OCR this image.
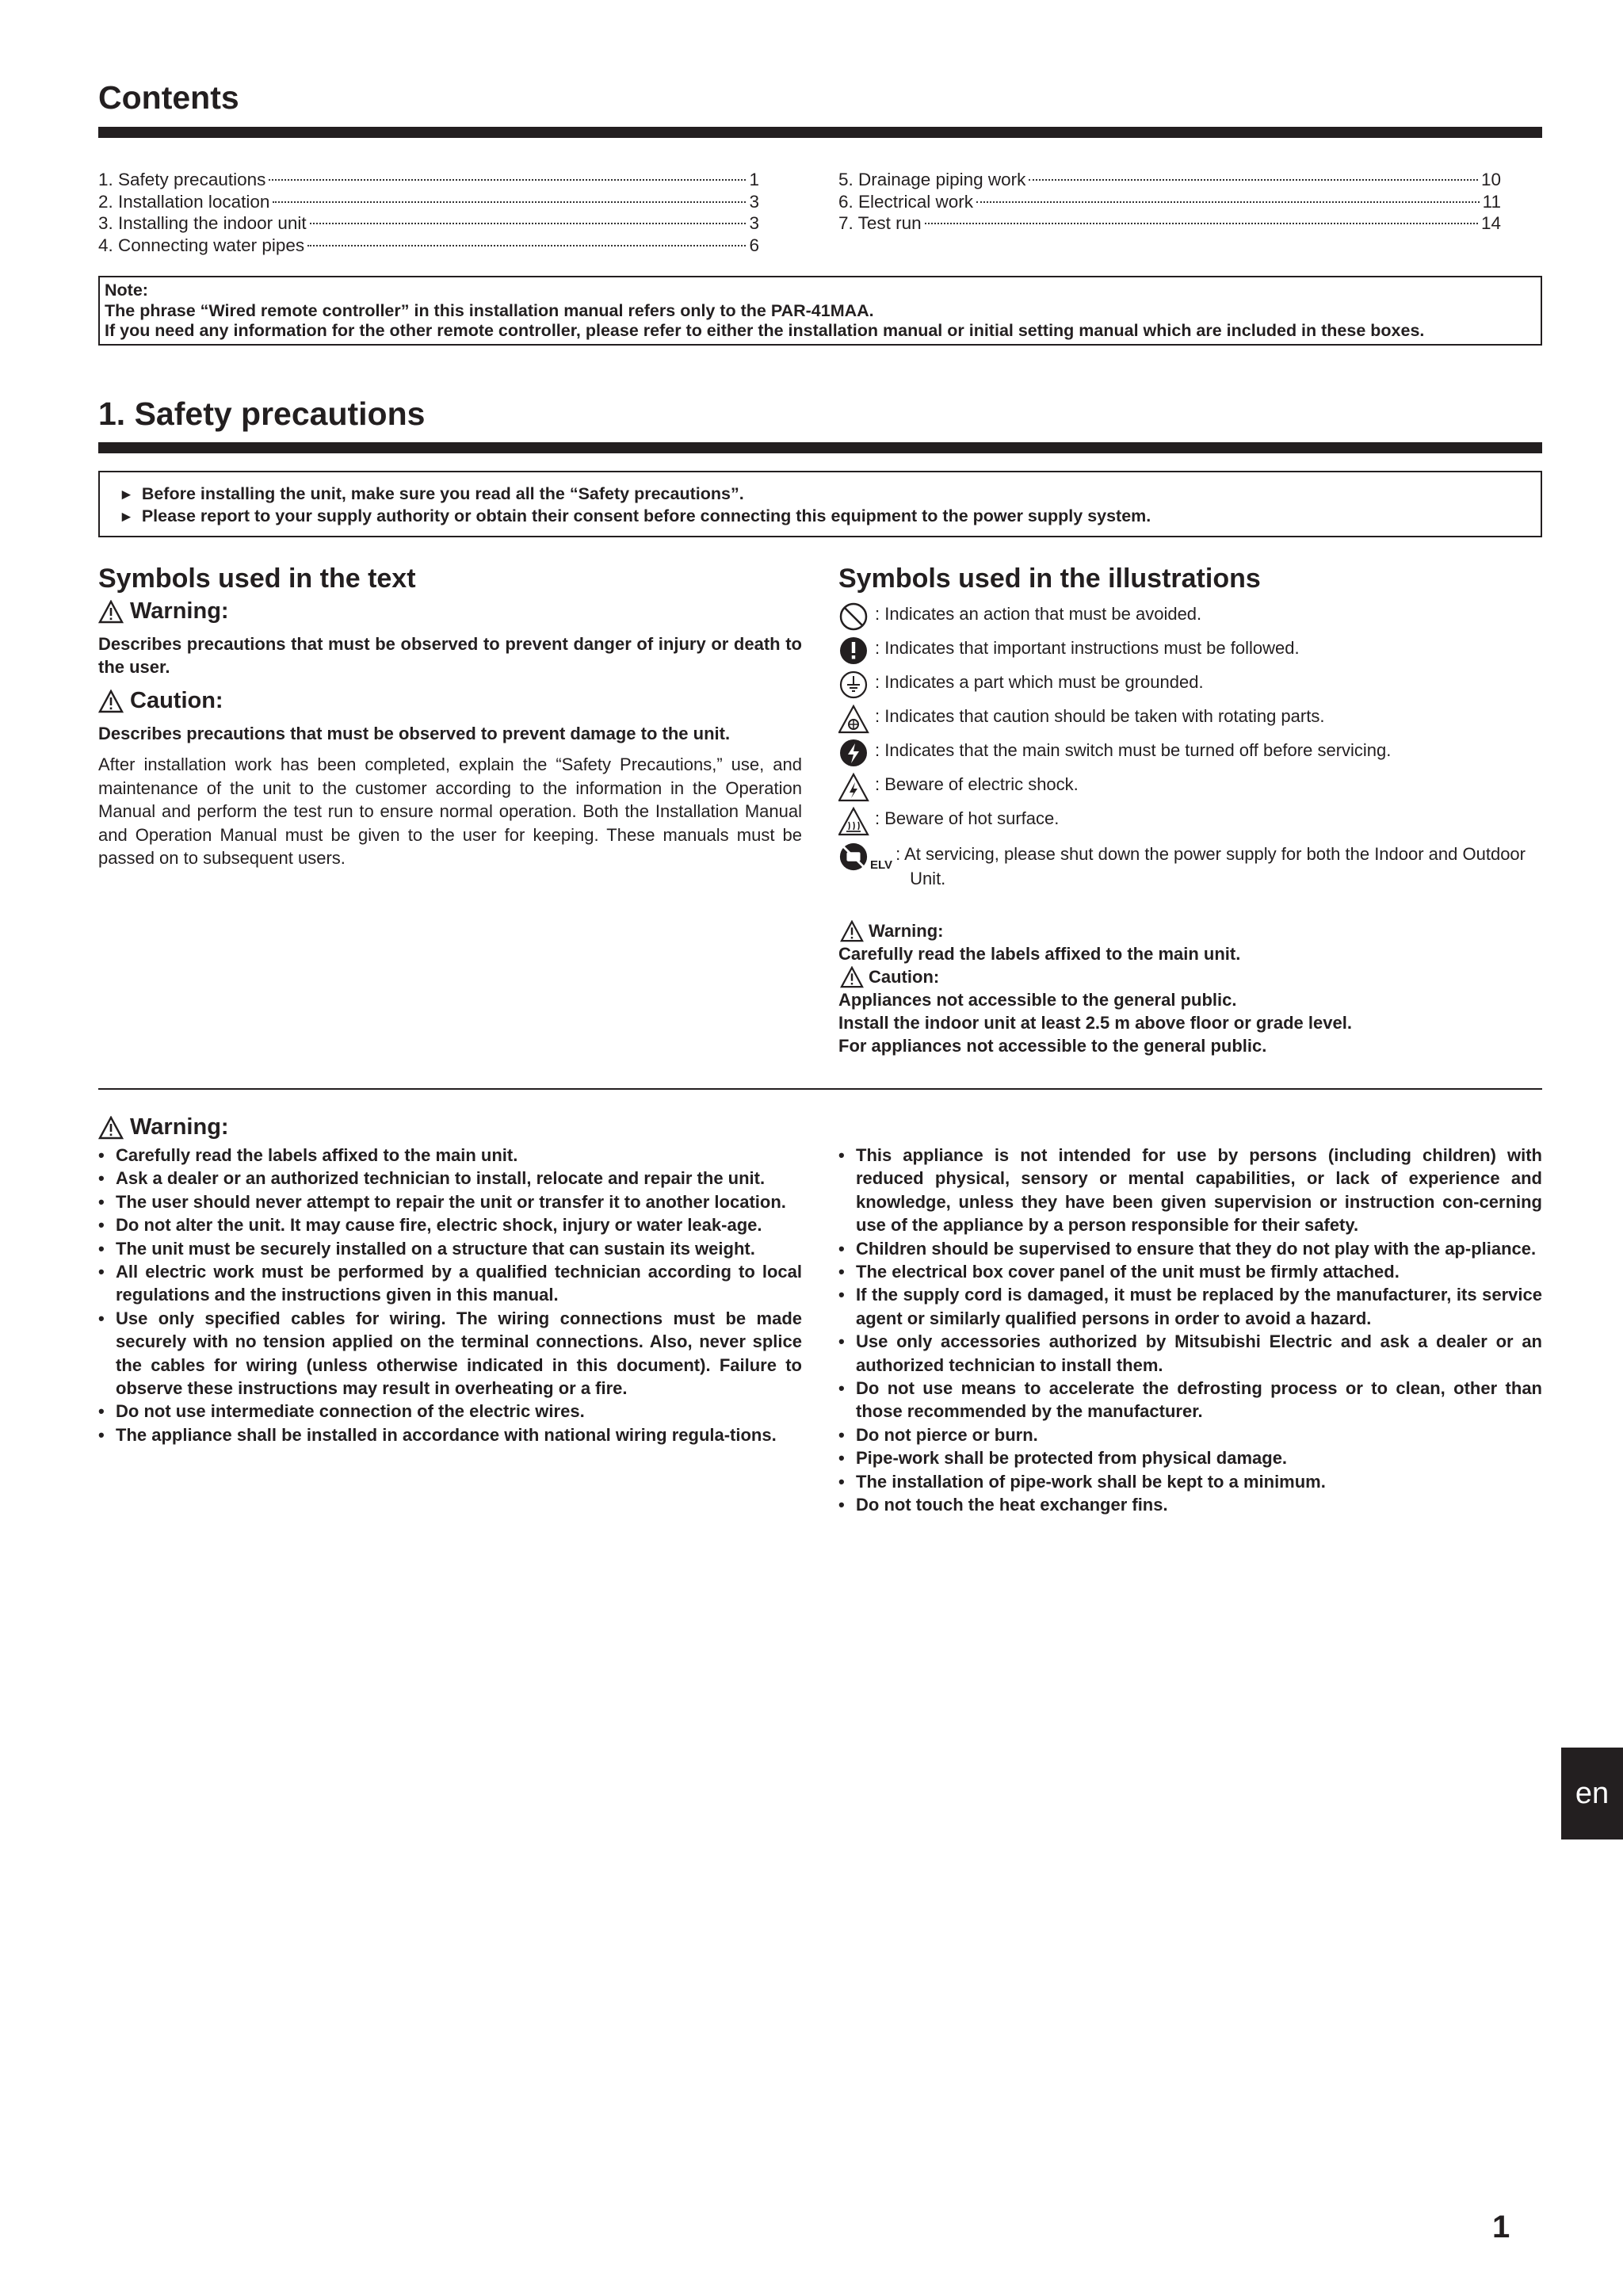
Contents
1. Safety precautions	1
2. Installation location	3
3. Installing the indoor unit	3
4. Connecting water pipes	6
5. Drainage piping work	10
6. Electrical work	11
7. Test run	14
Note:
The phrase “Wired remote controller” in this installation manual refers only to the PAR-41MAA.
If you need any information for the other remote controller, please refer to either the installation manual or initial setting manual which are included in these boxes.
1. Safety precautions
► Before installing the unit, make sure you read all the “Safety precautions”.
► Please report to your supply authority or obtain their consent before connecting this equipment to the power supply system.
Symbols used in the text
Warning:

Describes precautions that must be observed to prevent danger of injury or death to the user.

Caution:

Describes precautions that must be observed to prevent damage to the unit.

After installation work has been completed, explain the “Safety Precautions,” use, and maintenance of the unit to the customer according to the information in the Operation Manual and perform the test run to ensure normal operation. Both the Installation Manual and Operation Manual must be given to the user for keeping. These manuals must be passed on to subsequent users.

Symbols used in the illustrations
: Indicates an action that must be avoided.
: Indicates that important instructions must be followed.
: Indicates a part which must be grounded.
: Indicates that caution should be taken with rotating parts.
: Indicates that the main switch must be turned off before servicing.
: Beware of electric shock.
: Beware of hot surface.
ELV
: At servicing, please shut down the power supply for both the Indoor and Outdoor Unit.
Warning:
Carefully read the labels affixed to the main unit.
Caution:
Appliances not accessible to the general public.
Install the indoor unit at least 2.5 m above floor or grade level.
For appliances not accessible to the general public.
Warning:
• Carefully read the labels affixed to the main unit.
• Ask a dealer or an authorized technician to install, relocate and repair the unit.
• The user should never attempt to repair the unit or transfer it to another location.
• Do not alter the unit. It may cause fire, electric shock, injury or water leak-age.
• The unit must be securely installed on a structure that can sustain its weight.
• All electric work must be performed by a qualified technician according to local regulations and the instructions given in this manual.
• Use only specified cables for wiring. The wiring connections must be made securely with no tension applied on the terminal connections. Also, never splice the cables for wiring (unless otherwise indicated in this document). Failure to observe these instructions may result in overheating or a fire.
• Do not use intermediate connection of the electric wires.
• The appliance shall be installed in accordance with national wiring regula-tions.
• This appliance is not intended for use by persons (including children) with reduced physical, sensory or mental capabilities, or lack of experience and knowledge, unless they have been given supervision or instruction con-cerning use of the appliance by a person responsible for their safety.
• Children should be supervised to ensure that they do not play with the ap-pliance.
• The electrical box cover panel of the unit must be firmly attached.
• If the supply cord is damaged, it must be replaced by the manufacturer, its service agent or similarly qualified persons in order to avoid a hazard.
• Use only accessories authorized by Mitsubishi Electric and ask a dealer or an authorized technician to install them.
• Do not use means to accelerate the defrosting process or to clean, other than those recommended by the manufacturer.
• Do not pierce or burn.
• Pipe-work shall be protected from physical damage.
• The installation of pipe-work shall be kept to a minimum.
• Do not touch the heat exchanger fins.
en
1
